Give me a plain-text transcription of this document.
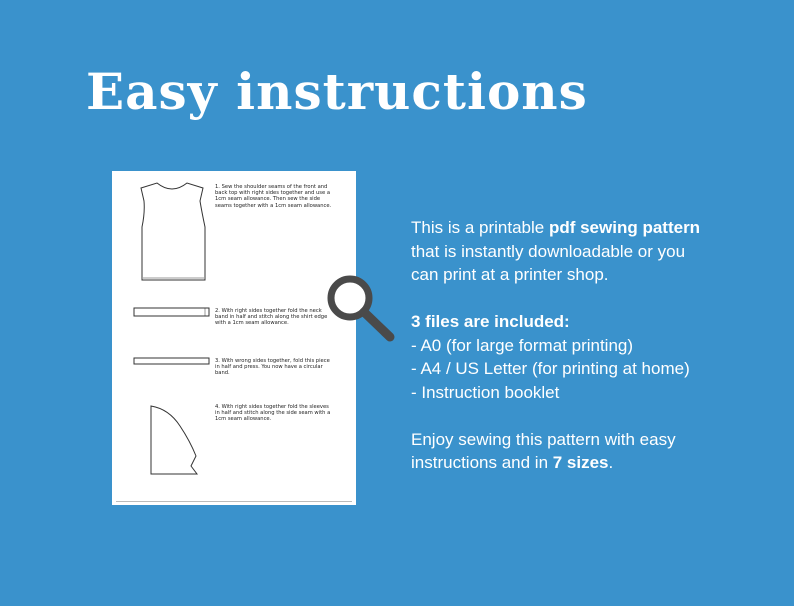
Easy instructions
1. Sew the shoulder seams of the front and back top with right sides together and use a 1cm seam allowance. Then sew the side seams together with a 1cm seam allowance.
2. With right sides together fold the neck band in half and stitch along the shirt edge with a 1cm seam allowance.
3. With wrong sides together, fold this piece in half and press. You now have a circular band.
4. With right sides together fold the sleeves in half and stitch along the side seam with a 1cm seam allowance.

This is a printable pdf sewing pattern

that is instantly downloadable or you

can print at a printer shop.

3 files are included:

- A0 (for large format printing)

- A4 / US Letter (for printing at home)

- Instruction booklet

Enjoy sewing this pattern with easy

instructions and in 7 sizes.
